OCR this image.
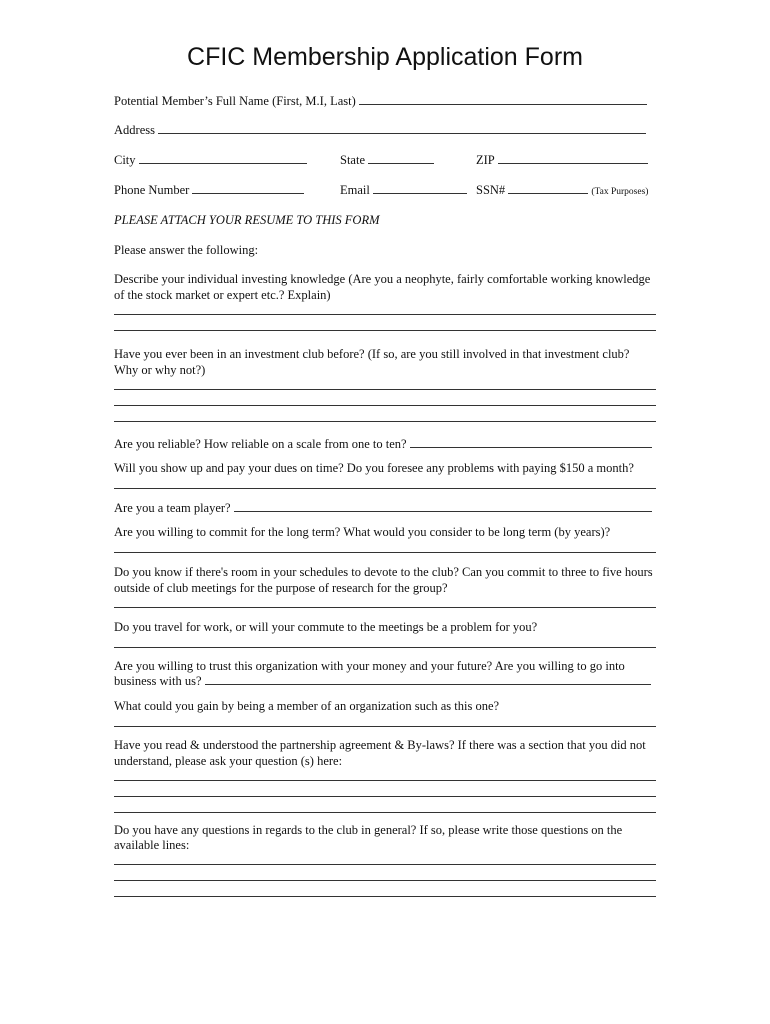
CFIC Membership Application Form
Potential Member’s Full Name (First, M.I, Last)
Address
City	State	ZIP
Phone Number	Email	SSN#	(Tax Purposes)
PLEASE ATTACH YOUR RESUME TO THIS FORM
Please answer the following:
Describe your individual investing knowledge (Are you a neophyte, fairly comfortable working knowledge
of the stock market or expert etc.? Explain)
Have you ever been in an investment club before? (If so, are you still involved in that investment club?
Why or why not?)
Are you reliable? How reliable on a scale from one to ten?
Will you show up and pay your dues on time? Do you foresee any problems with paying $150 a month?
Are you a team player?
Are you willing to commit for the long term? What would you consider to be long term (by years)?
Do you know if there's room in your schedules to devote to the club? Can you commit to three to five hours
outside of club meetings for the purpose of research for the group?
Do you travel for work, or will your commute to the meetings be a problem for you?
Are you willing to trust this organization with your money and your future? Are you willing to go into
business with us?
What could you gain by being a member of an organization such as this one?
Have you read & understood the partnership agreement & By-laws? If there was a section that you did not
understand, please ask your question (s) here:
Do you have any questions in regards to the club in general? If so, please write those questions on the
available lines:
